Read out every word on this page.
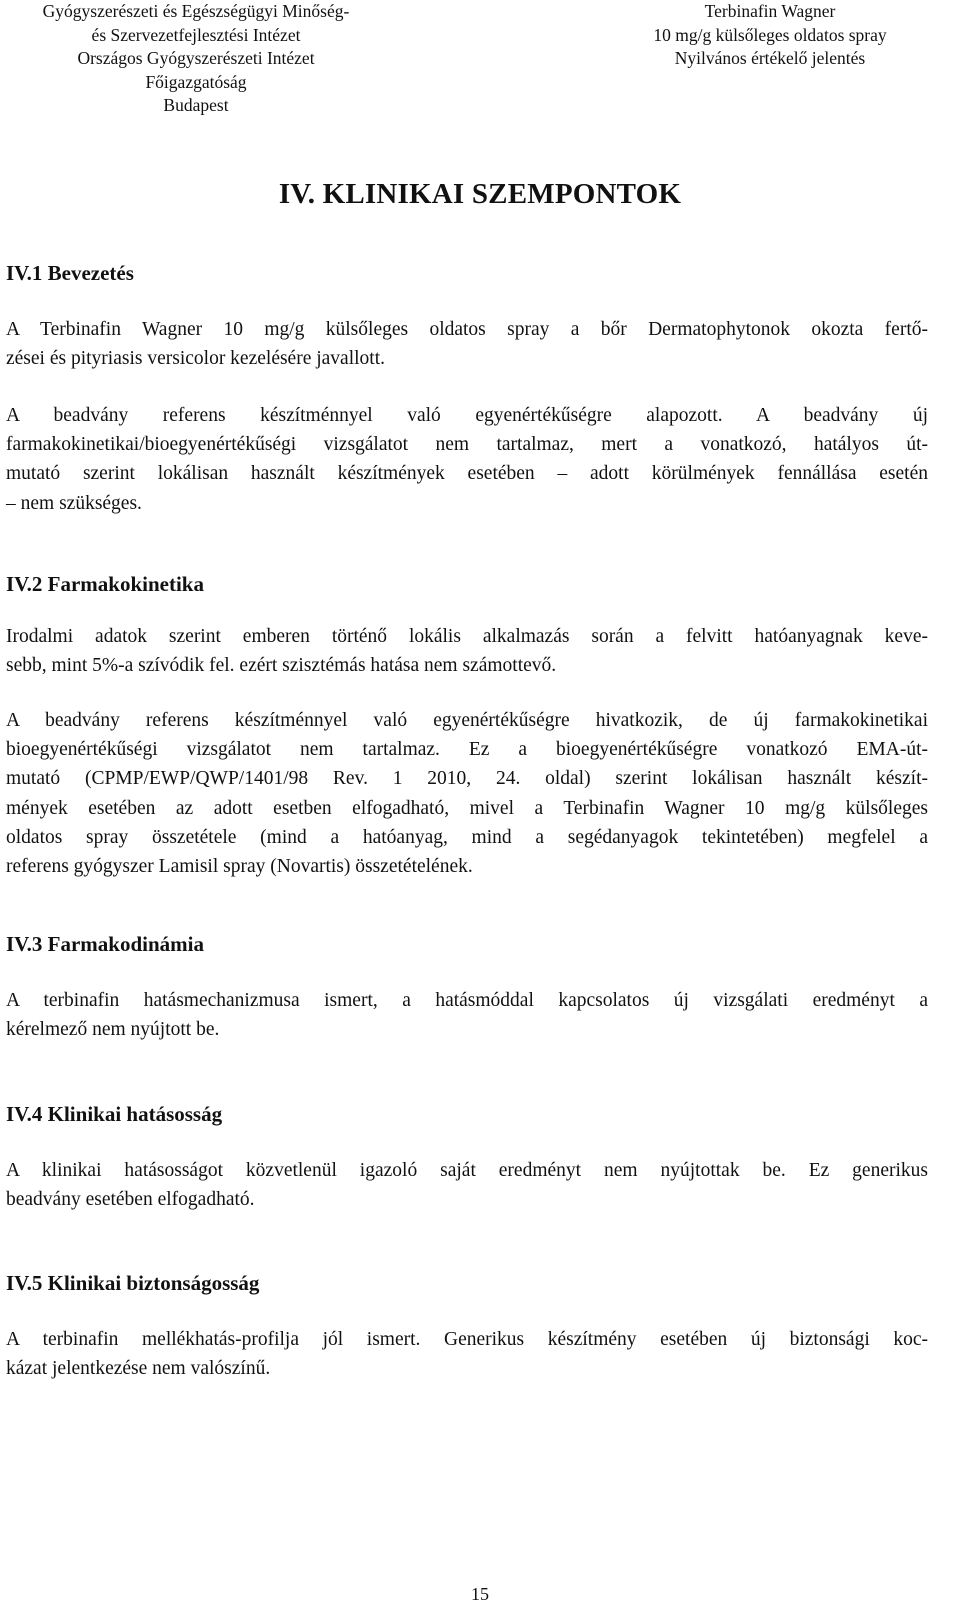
Gyógyszerészeti és Egészségügyi Minőség-
és Szervezetfejlesztési Intézet
Országos Gyógyszerészeti Intézet
Főigazgatóság
Budapest
Terbinafin Wagner
10 mg/g külsőleges oldatos spray
Nyilvános értékelő jelentés
IV. KLINIKAI SZEMPONTOK
IV.1 Bevezetés
A Terbinafin Wagner 10 mg/g külsőleges oldatos spray a bőr Dermatophytonok okozta fertő-
zései és pityriasis versicolor kezelésére javallott.
A beadvány referens készítménnyel való egyenértékűségre alapozott. A beadvány új
farmakokinetikai/bioegyenértékűségi vizsgálatot nem tartalmaz, mert a vonatkozó, hatályos út-
mutató szerint lokálisan használt készítmények esetében – adott körülmények fennállása esetén
– nem szükséges.
IV.2 Farmakokinetika
Irodalmi adatok szerint emberen történő lokális alkalmazás során a felvitt hatóanyagnak keve-
sebb, mint 5%-a szívódik fel. ezért szisztémás hatása nem számottevő.
A beadvány referens készítménnyel való egyenértékűségre hivatkozik, de új farmakokinetikai
bioegyenértékűségi vizsgálatot nem tartalmaz. Ez a bioegyenértékűségre vonatkozó EMA-út-
mutató (CPMP/EWP/QWP/1401/98 Rev. 1 2010, 24. oldal) szerint lokálisan használt készít-
mények esetében az adott esetben elfogadható, mivel a Terbinafin Wagner 10 mg/g külsőleges
oldatos spray összetétele (mind a hatóanyag, mind a segédanyagok tekintetében) megfelel a
referens gyógyszer Lamisil spray (Novartis) összetételének.
IV.3 Farmakodinámia
A terbinafin hatásmechanizmusa ismert, a hatásmóddal kapcsolatos új vizsgálati eredményt a
kérelmező nem nyújtott be.
IV.4 Klinikai hatásosság
A klinikai hatásosságot közvetlenül igazoló saját eredményt nem nyújtottak be. Ez generikus
beadvány esetében elfogadható.
IV.5 Klinikai biztonságosság
A terbinafin mellékhatás-profilja jól ismert. Generikus készítmény esetében új biztonsági koc-
kázat jelentkezése nem valószínű.
15
